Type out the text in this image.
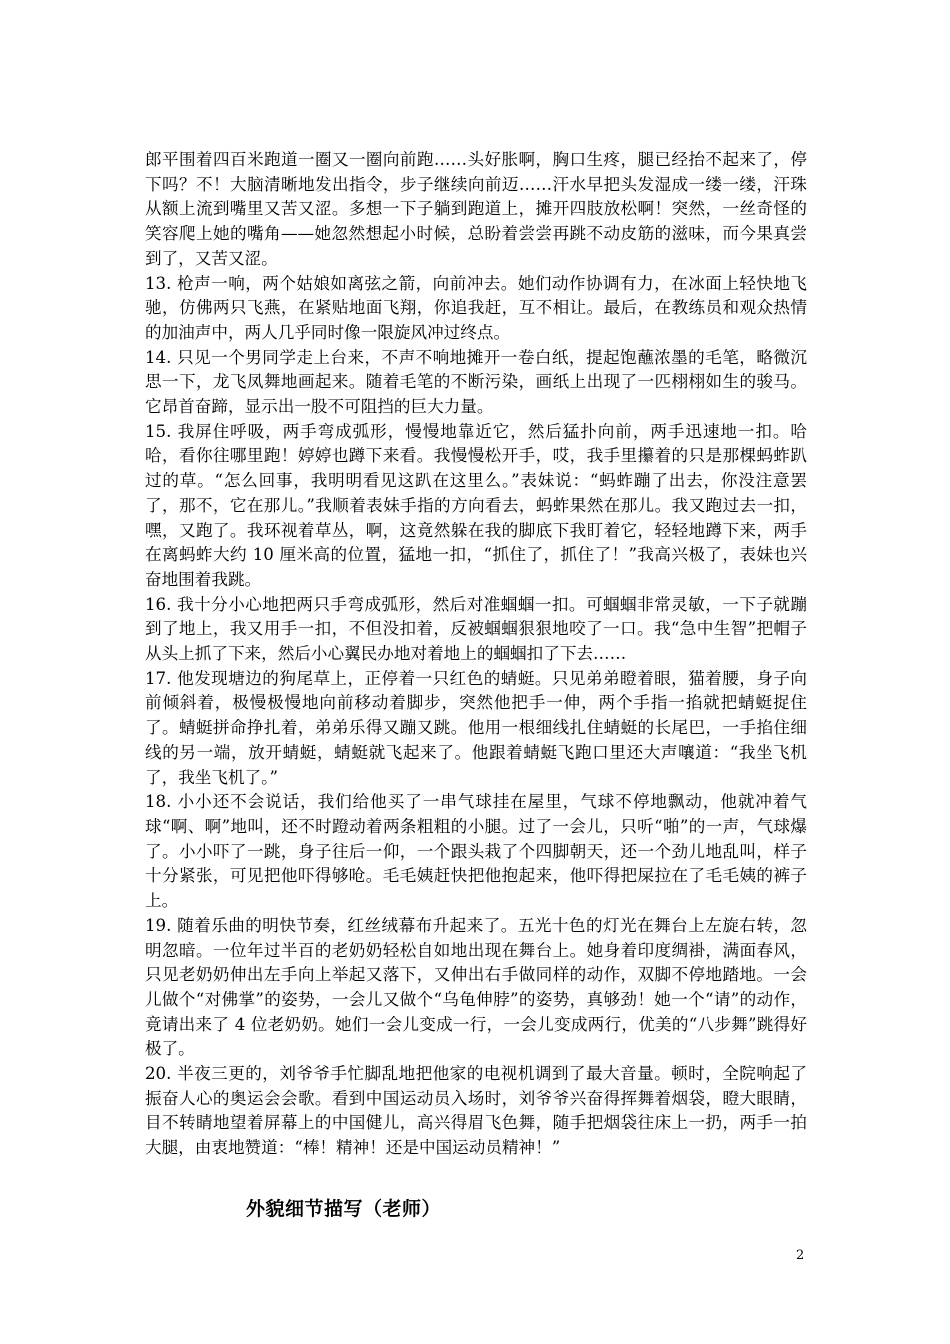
郎平围着四百米跑道一圈又一圈向前跑……头好胀啊，胸口生疼，腿已经抬不起来了，停下吗？不！大脑清晰地发出指令，步子继续向前迈……汗水早把头发湿成一缕一缕，汗珠从额上流到嘴里又苦又涩。多想一下子躺到跑道上，摊开四肢放松啊！突然，一丝奇怪的笑容爬上她的嘴角——她忽然想起小时候，总盼着尝尝再跳不动皮筋的滋味，而今果真尝到了，又苦又涩。

13. 枪声一响，两个姑娘如离弦之箭，向前冲去。她们动作协调有力，在冰面上轻快地飞驰，仿佛两只飞燕，在紧贴地面飞翔，你追我赶，互不相让。最后，在教练员和观众热情的加油声中，两人几乎同时像一限旋风冲过终点。

14. 只见一个男同学走上台来，不声不响地摊开一卷白纸，提起饱蘸浓墨的毛笔，略微沉思一下，龙飞凤舞地画起来。随着毛笔的不断污染，画纸上出现了一匹栩栩如生的骏马。它昂首奋蹄，显示出一股不可阻挡的巨大力量。

15. 我屏住呼吸，两手弯成弧形，慢慢地靠近它，然后猛扑向前，两手迅速地一扣。哈哈，看你往哪里跑！婷婷也蹲下来看。我慢慢松开手，哎，我手里攥着的只是那棵蚂蚱趴过的草。“怎么回事，我明明看见这趴在这里么。”表妹说：“蚂蚱蹦了出去，你没注意罢了，那不，它在那儿。”我顺着表妹手指的方向看去，蚂蚱果然在那儿。我又跑过去一扣，嘿，又跑了。我环视着草丛，啊，这竟然躲在我的脚底下我盯着它，轻轻地蹲下来，两手在离蚂蚱大约 10 厘米高的位置，猛地一扣，“抓住了，抓住了！”我高兴极了，表妹也兴奋地围着我跳。

16. 我十分小心地把两只手弯成弧形，然后对准蝈蝈一扣。可蝈蝈非常灵敏，一下子就蹦到了地上，我又用手一扣，不但没扣着，反被蝈蝈狠狠地咬了一口。我“急中生智”把帽子从头上抓了下来，然后小心翼民办地对着地上的蝈蝈扣了下去……

17. 他发现塘边的狗尾草上，正停着一只红色的蜻蜓。只见弟弟瞪着眼，猫着腰，身子向前倾斜着，极慢极慢地向前移动着脚步，突然他把手一伸，两个手指一掐就把蜻蜓捉住了。蜻蜓拼命挣扎着，弟弟乐得又蹦又跳。他用一根细线扎住蜻蜓的长尾巴，一手掐住细线的另一端，放开蜻蜓，蜻蜓就飞起来了。他跟着蜻蜓飞跑口里还大声嚷道：“我坐飞机了，我坐飞机了。”

18. 小小还不会说话，我们给他买了一串气球挂在屋里，气球不停地飘动，他就冲着气球“啊、啊”地叫，还不时蹬动着两条粗粗的小腿。过了一会儿，只听“啪”的一声，气球爆了。小小吓了一跳，身子往后一仰，一个跟头栽了个四脚朝天，还一个劲儿地乱叫，样子十分紧张，可见把他吓得够呛。毛毛姨赶快把他抱起来，他吓得把屎拉在了毛毛姨的裤子上。

19. 随着乐曲的明快节奏，红丝绒幕布升起来了。五光十色的灯光在舞台上左旋右转，忽明忽暗。一位年过半百的老奶奶轻松自如地出现在舞台上。她身着印度绸褂，满面春风，只见老奶奶伸出左手向上举起又落下，又伸出右手做同样的动作，双脚不停地踏地。一会儿做个“对佛掌”的姿势，一会儿又做个“乌龟伸脖”的姿势，真够劲！她一个“请”的动作，竟请出来了 4 位老奶奶。她们一会儿变成一行，一会儿变成两行，优美的“八步舞”跳得好极了。

20. 半夜三更的，刘爷爷手忙脚乱地把他家的电视机调到了最大音量。顿时，全院响起了振奋人心的奥运会会歌。看到中国运动员入场时，刘爷爷兴奋得挥舞着烟袋，瞪大眼睛，目不转睛地望着屏幕上的中国健儿，高兴得眉飞色舞，随手把烟袋往床上一扔，两手一拍大腿，由衷地赞道：“棒！精神！还是中国运动员精神！”

外貌细节描写（老师）
2
